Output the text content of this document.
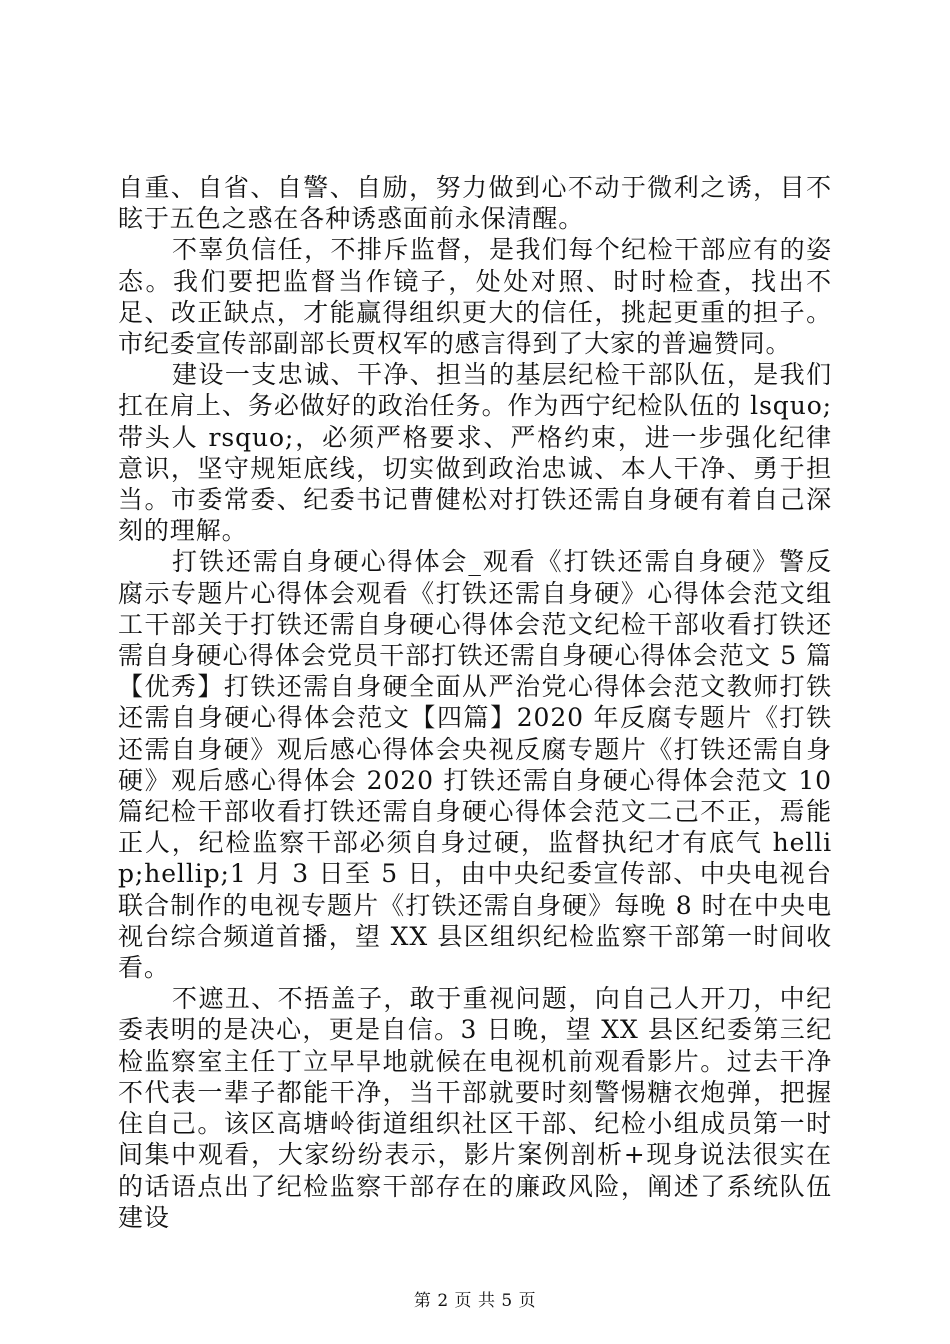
自重、自省、自警、自励，努力做到心不动于微利之诱，目不眩于五色之惑在各种诱惑面前永保清醒。

不辜负信任，不排斥监督，是我们每个纪检干部应有的姿态。我们要把监督当作镜子，处处对照、时时检查，找出不足、改正缺点，才能赢得组织更大的信任，挑起更重的担子。市纪委宣传部副部长贾权军的感言得到了大家的普遍赞同。

建设一支忠诚、干净、担当的基层纪检干部队伍，是我们扛在肩上、务必做好的政治任务。作为西宁纪检队伍的 lsquo;带头人 rsquo;，必须严格要求、严格约束，进一步强化纪律意识，坚守规矩底线，切实做到政治忠诚、本人干净、勇于担当。市委常委、纪委书记曹健松对打铁还需自身硬有着自己深刻的理解。

打铁还需自身硬心得体会_观看《打铁还需自身硬》警反腐示专题片心得体会观看《打铁还需自身硬》心得体会范文组工干部关于打铁还需自身硬心得体会范文纪检干部收看打铁还需自身硬心得体会党员干部打铁还需自身硬心得体会范文 5 篇【优秀】打铁还需自身硬全面从严治党心得体会范文教师打铁还需自身硬心得体会范文【四篇】2020 年反腐专题片《打铁还需自身硬》观后感心得体会央视反腐专题片《打铁还需自身硬》观后感心得体会 2020 打铁还需自身硬心得体会范文 10 篇纪检干部收看打铁还需自身硬心得体会范文二己不正，焉能正人，纪检监察干部必须自身过硬，监督执纪才有底气 hellip;hellip;1 月 3 日至 5 日，由中央纪委宣传部、中央电视台联合制作的电视专题片《打铁还需自身硬》每晚 8 时在中央电视台综合频道首播，望 XX 县区组织纪检监察干部第一时间收看。

不遮丑、不捂盖子，敢于重视问题，向自己人开刀，中纪委表明的是决心，更是自信。3 日晚，望 XX 县区纪委第三纪检监察室主任丁立早早地就候在电视机前观看影片。过去干净不代表一辈子都能干净，当干部就要时刻警惕糖衣炮弹，把握住自己。该区高塘岭街道组织社区干部、纪检小组成员第一时间集中观看，大家纷纷表示，影片案例剖析+现身说法很实在的话语点出了纪检监察干部存在的廉政风险，阐述了系统队伍建设

第 2 页 共 5 页
